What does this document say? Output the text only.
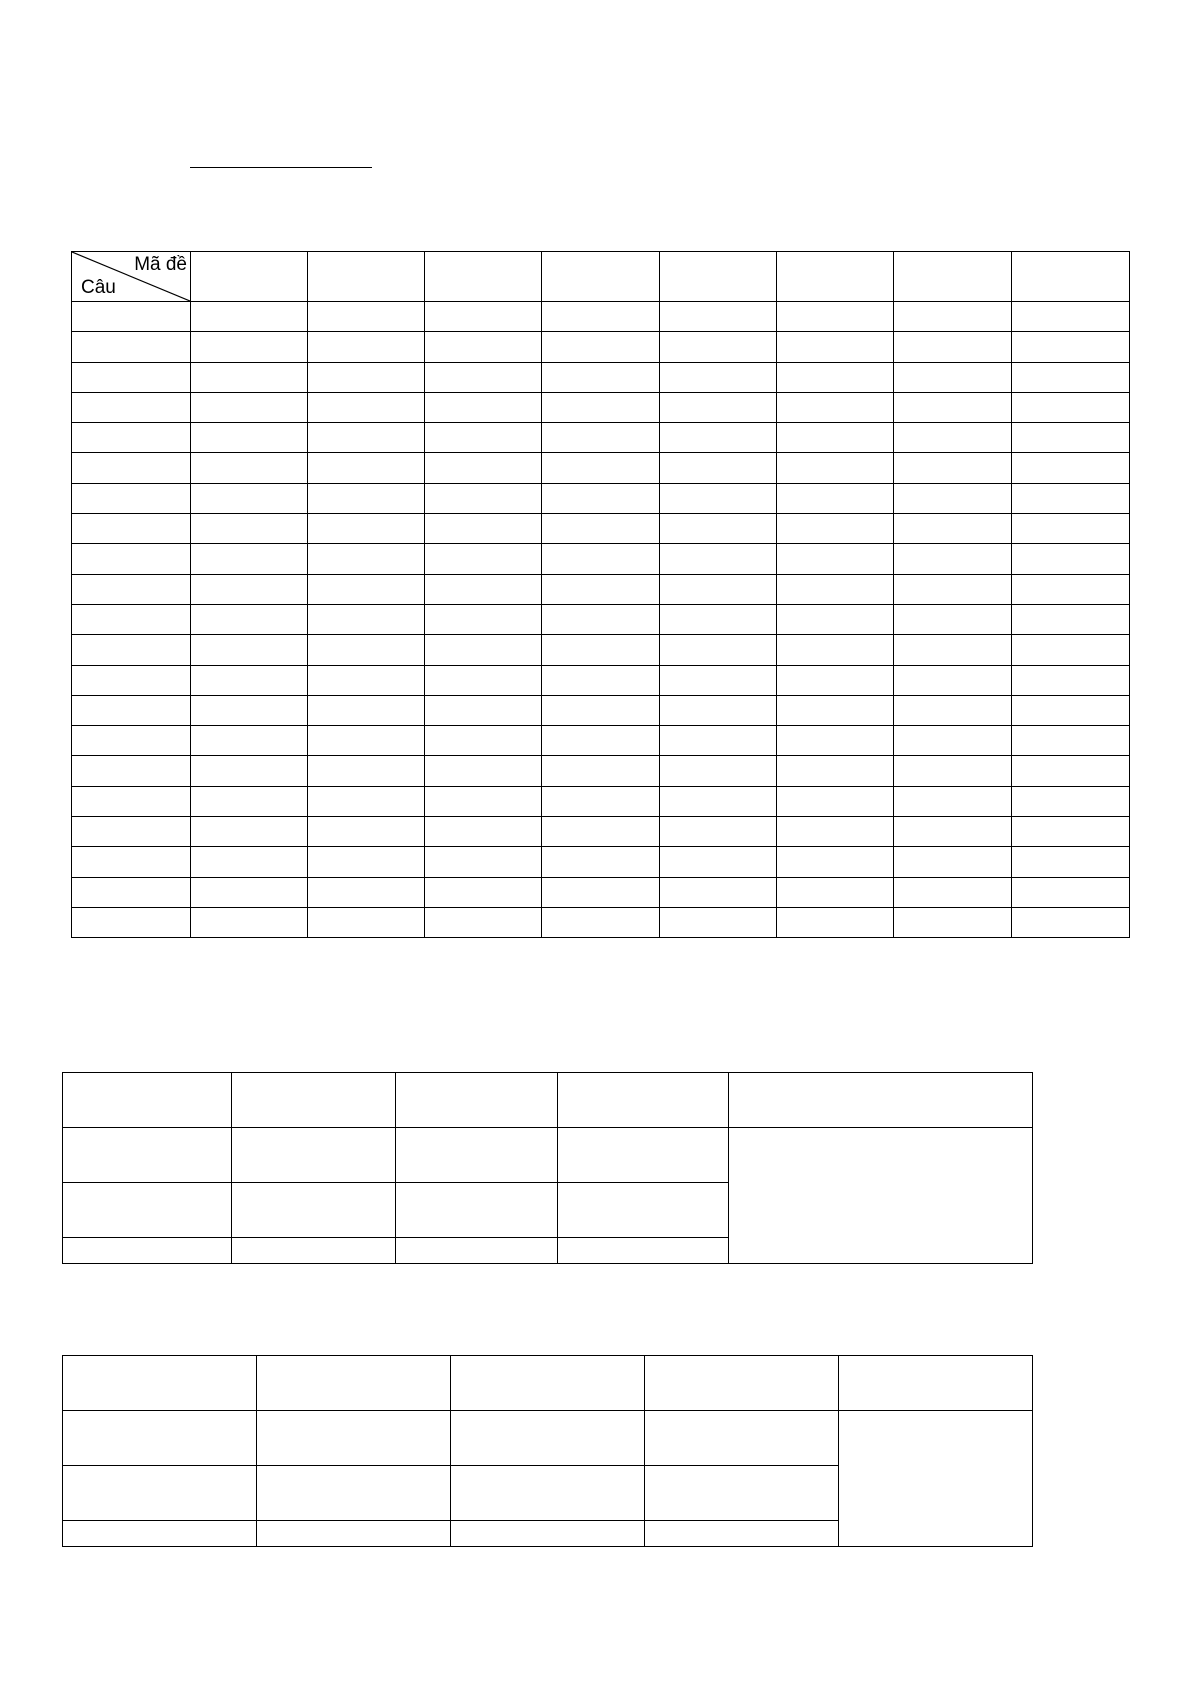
Mã đề
Câu								
